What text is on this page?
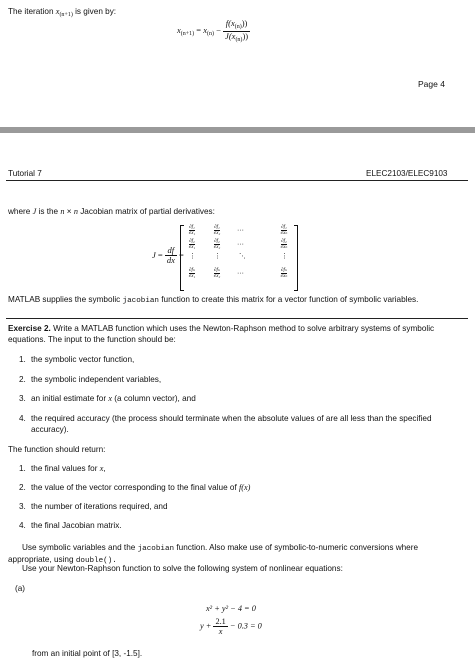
The iteration $x_{(n+1)}$ is given by:
$x_{(n+1)} = x_{(n)} - \frac{f(x_{(n)}))}{J(x_{(n)}))}$
Page 4
Tutorial 7	ELEC2103/ELEC9103
where J is the n × n Jacobian matrix of partial derivatives:
$J = \frac{df}{dx}$ =
$\frac{\text{∂f₁}}{\text{∂x₁}}$	$\frac{\text{∂f₁}}{\text{∂x₂}}$ ···	$\frac{\text{∂f₁}}{\text{∂xₙ}}$
$\frac{\text{∂f₂}}{\text{∂x₁}}$	$\frac{\text{∂f₂}}{\text{∂x₂}}$ ···	$\frac{\text{∂f₂}}{\text{∂xₙ}}$
⋮	⋮	⋱	⋮
$\frac{\text{∂fₙ}}{\text{∂x₁}}$	$\frac{\text{∂fₙ}}{\text{∂x₂}}$ ···	$\frac{\text{∂fₙ}}{\text{∂xₙ}}$
MATLAB supplies the symbolic jacobian function to create this matrix for a vector function of symbolic variables.
Exercise 2. Write a MATLAB function which uses the Newton-Raphson method to solve arbitrary systems of symbolic equations. The input to the function should be:
1. the symbolic vector function,
2. the symbolic independent variables,
3. an initial estimate for x (a column vector), and
4. the required accuracy (the process should terminate when the absolute values of are all less than the specified accuracy).
The function should return:
1. the final values for x,
2. the value of the vector corresponding to the final value of f(x)
3. the number of iterations required, and
4. the final Jacobian matrix.
Use symbolic variables and the jacobian function. Also make use of symbolic-to-numeric conversions where appropriate, using double().
Use your Newton-Raphson function to solve the following system of nonlinear equations:
(a)
x² + y² − 4 = 0
$y + \frac{2.1}{x} - 0.3 = 0$
from an initial point of [3, -1.5].
